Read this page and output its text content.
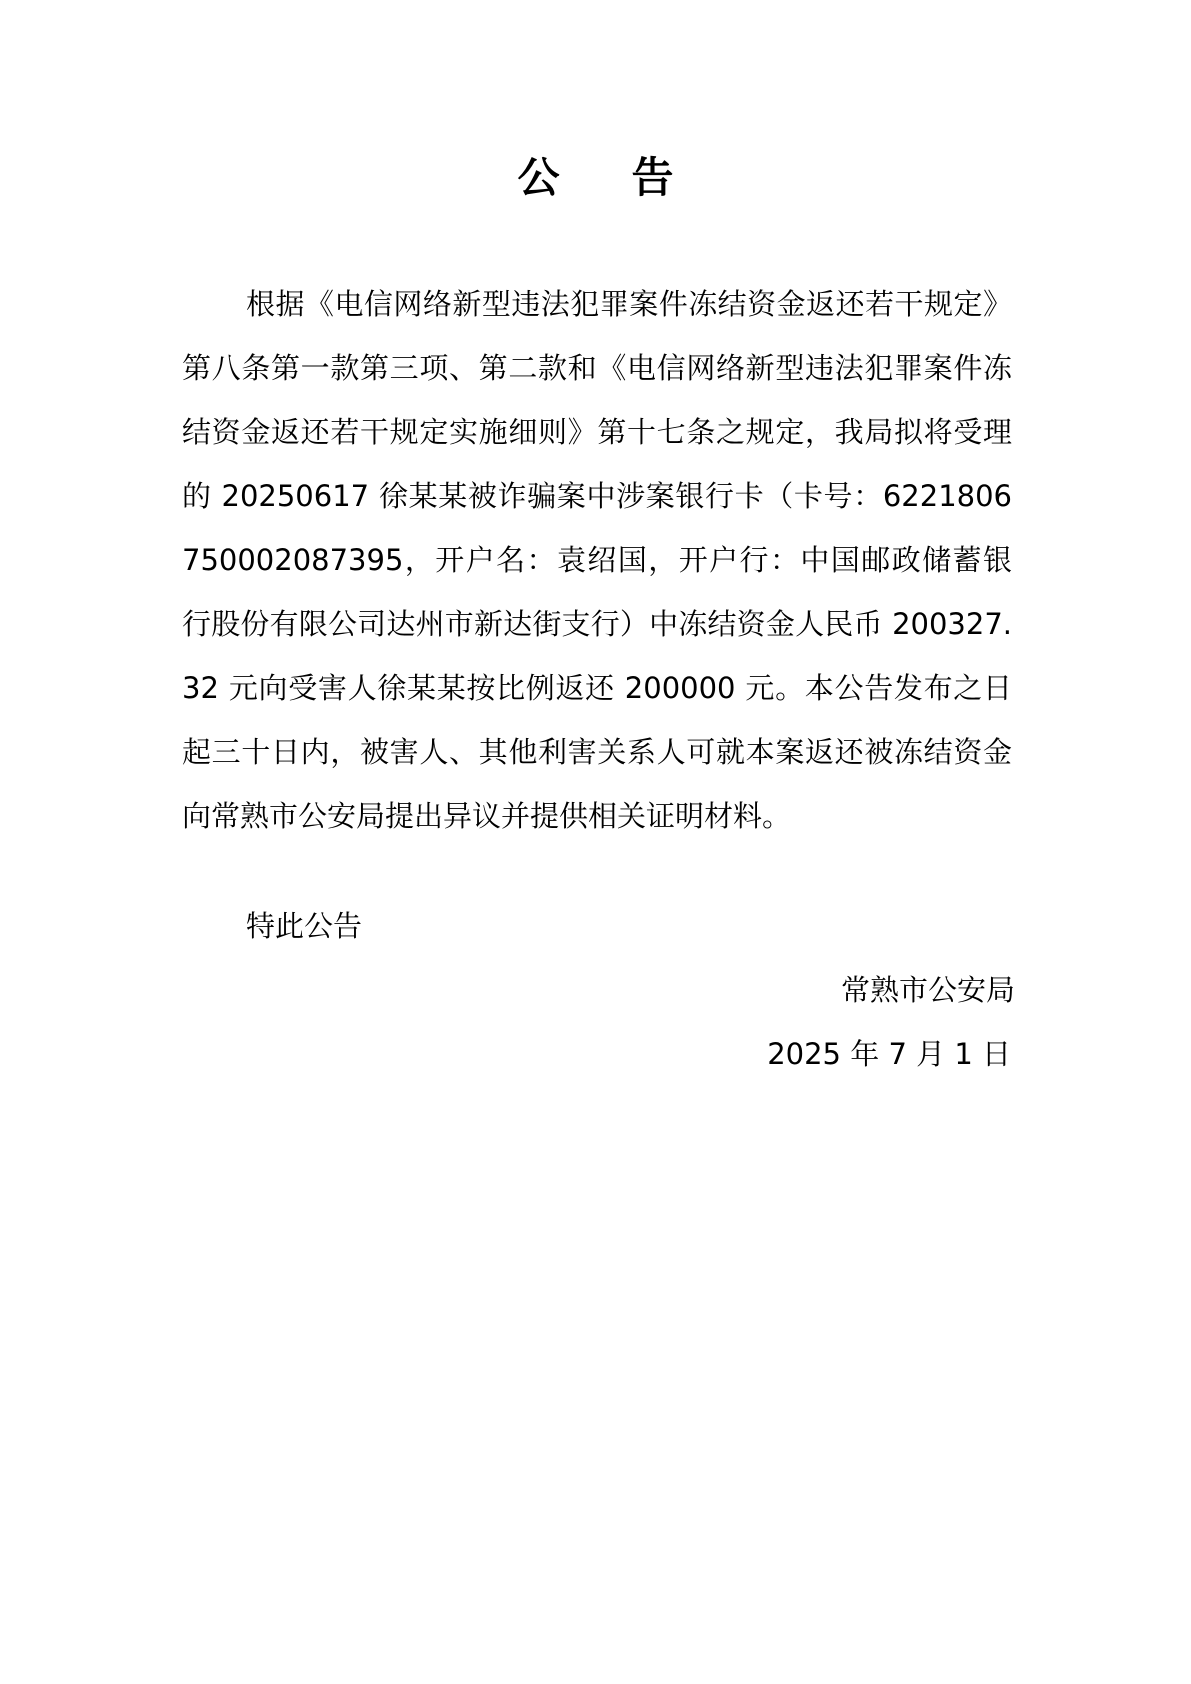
公告

根据《电信网络新型违法犯罪案件冻结资金返还若干规定》第八条第一款第三项、第二款和《电信网络新型违法犯罪案件冻结资金返还若干规定实施细则》第十七条之规定，我局拟将受理的 20250617 徐某某被诈骗案中涉案银行卡（卡号：6221806750002087395，开户名：袁绍国，开户行：中国邮政储蓄银行股份有限公司达州市新达街支行）中冻结资金人民币 200327.32 元向受害人徐某某按比例返还 200000 元。本公告发布之日起三十日内，被害人、其他利害关系人可就本案返还被冻结资金向常熟市公安局提出异议并提供相关证明材料。

特此公告

常熟市公安局

2025 年 7 月 1 日
